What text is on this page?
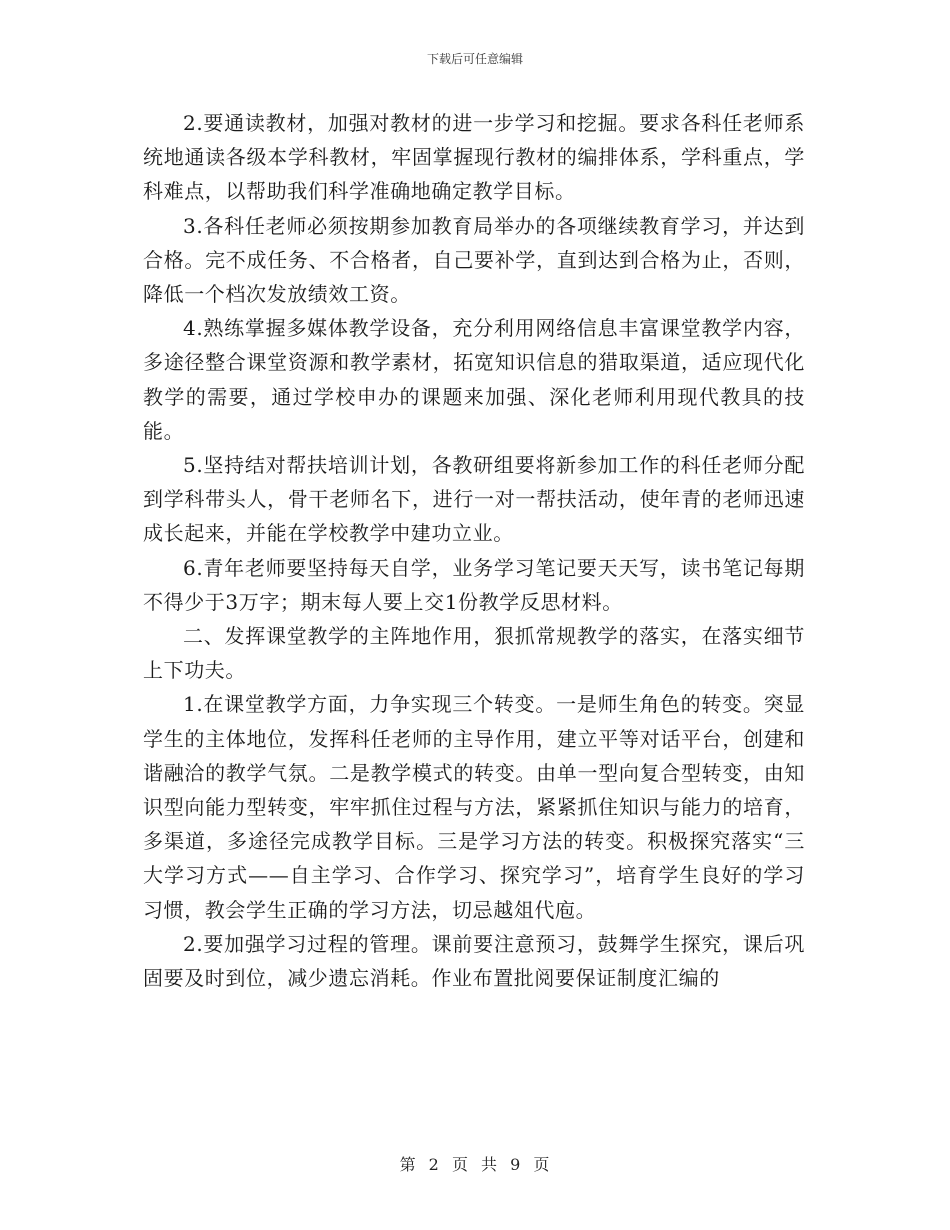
下载后可任意编辑

2.要通读教材，加强对教材的进一步学习和挖掘。要求各科任老师系统地通读各级本学科教材，牢固掌握现行教材的编排体系，学科重点，学科难点，以帮助我们科学准确地确定教学目标。

3.各科任老师必须按期参加教育局举办的各项继续教育学习，并达到合格。完不成任务、不合格者，自己要补学，直到达到合格为止，否则，降低一个档次发放绩效工资。

4.熟练掌握多媒体教学设备，充分利用网络信息丰富课堂教学内容，多途径整合课堂资源和教学素材，拓宽知识信息的猎取渠道，适应现代化教学的需要，通过学校申办的课题来加强、深化老师利用现代教具的技能。

5.坚持结对帮扶培训计划，各教研组要将新参加工作的科任老师分配到学科带头人，骨干老师名下，进行一对一帮扶活动，使年青的老师迅速成长起来，并能在学校教学中建功立业。

6.青年老师要坚持每天自学，业务学习笔记要天天写，读书笔记每期不得少于3万字；期末每人要上交1份教学反思材料。

二、发挥课堂教学的主阵地作用，狠抓常规教学的落实，在落实细节上下功夫。

1.在课堂教学方面，力争实现三个转变。一是师生角色的转变。突显学生的主体地位，发挥科任老师的主导作用，建立平等对话平台，创建和谐融洽的教学气氛。二是教学模式的转变。由单一型向复合型转变，由知识型向能力型转变，牢牢抓住过程与方法，紧紧抓住知识与能力的培育，多渠道，多途径完成教学目标。三是学习方法的转变。积极探究落实“三大学习方式——自主学习、合作学习、探究学习”，培育学生良好的学习习惯，教会学生正确的学习方法，切忌越俎代庖。

2.要加强学习过程的管理。课前要注意预习，鼓舞学生探究，课后巩固要及时到位，减少遗忘消耗。作业布置批阅要保证制度汇编的

第 2 页 共 9 页
